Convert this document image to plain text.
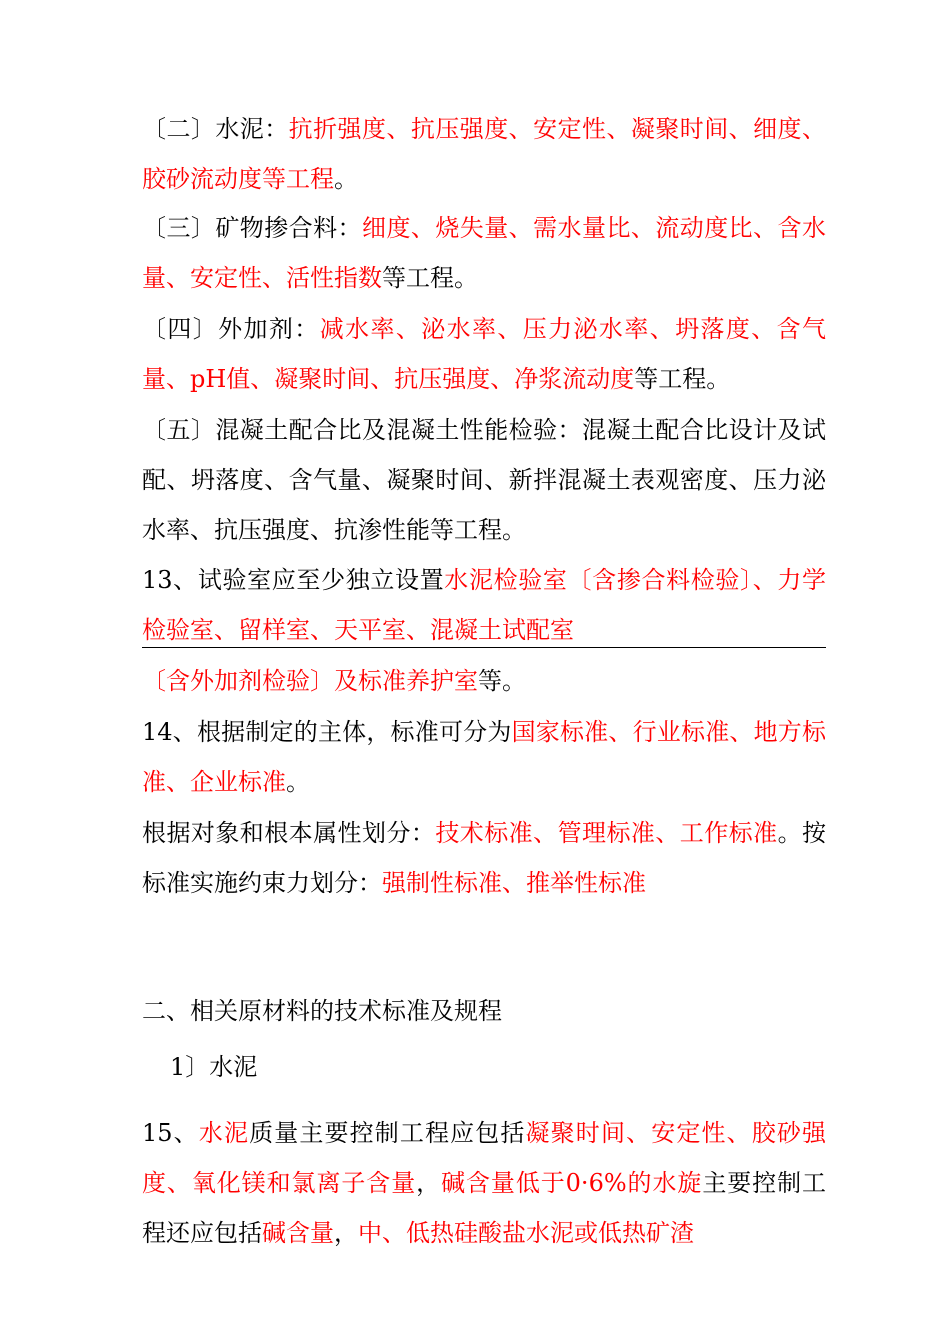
〔二〕水泥：抗折强度、抗压强度、安定性、凝聚时间、细度、胶砂流动度等工程。

〔三〕矿物掺合料：细度、烧失量、需水量比、流动度比、含水量、安定性、活性指数等工程。

〔四〕外加剂：减水率、泌水率、压力泌水率、坍落度、含气量、pH值、凝聚时间、抗压强度、净浆流动度等工程。

〔五〕混凝土配合比及混凝土性能检验：混凝土配合比设计及试配、坍落度、含气量、凝聚时间、新拌混凝土表观密度、压力泌水率、抗压强度、抗渗性能等工程。

13、试验室应至少独立设置水泥检验室〔含掺合料检验〕、力学检验室、留样室、天平室、混凝土试配室

〔含外加剂检验〕及标准养护室等。

14、根据制定的主体，标准可分为国家标准、行业标准、地方标准、企业标准。

根据对象和根本属性划分：技术标准、管理标准、工作标准。按标准实施约束力划分：强制性标准、推举性标准

二、相关原材料的技术标准及规程

1〕水泥

15、水泥质量主要控制工程应包括凝聚时间、安定性、胶砂强度、氧化镁和氯离子含量，碱含量低于0·6%的水旋主要控制工程还应包括碱含量，中、低热硅酸盐水泥或低热矿渣
